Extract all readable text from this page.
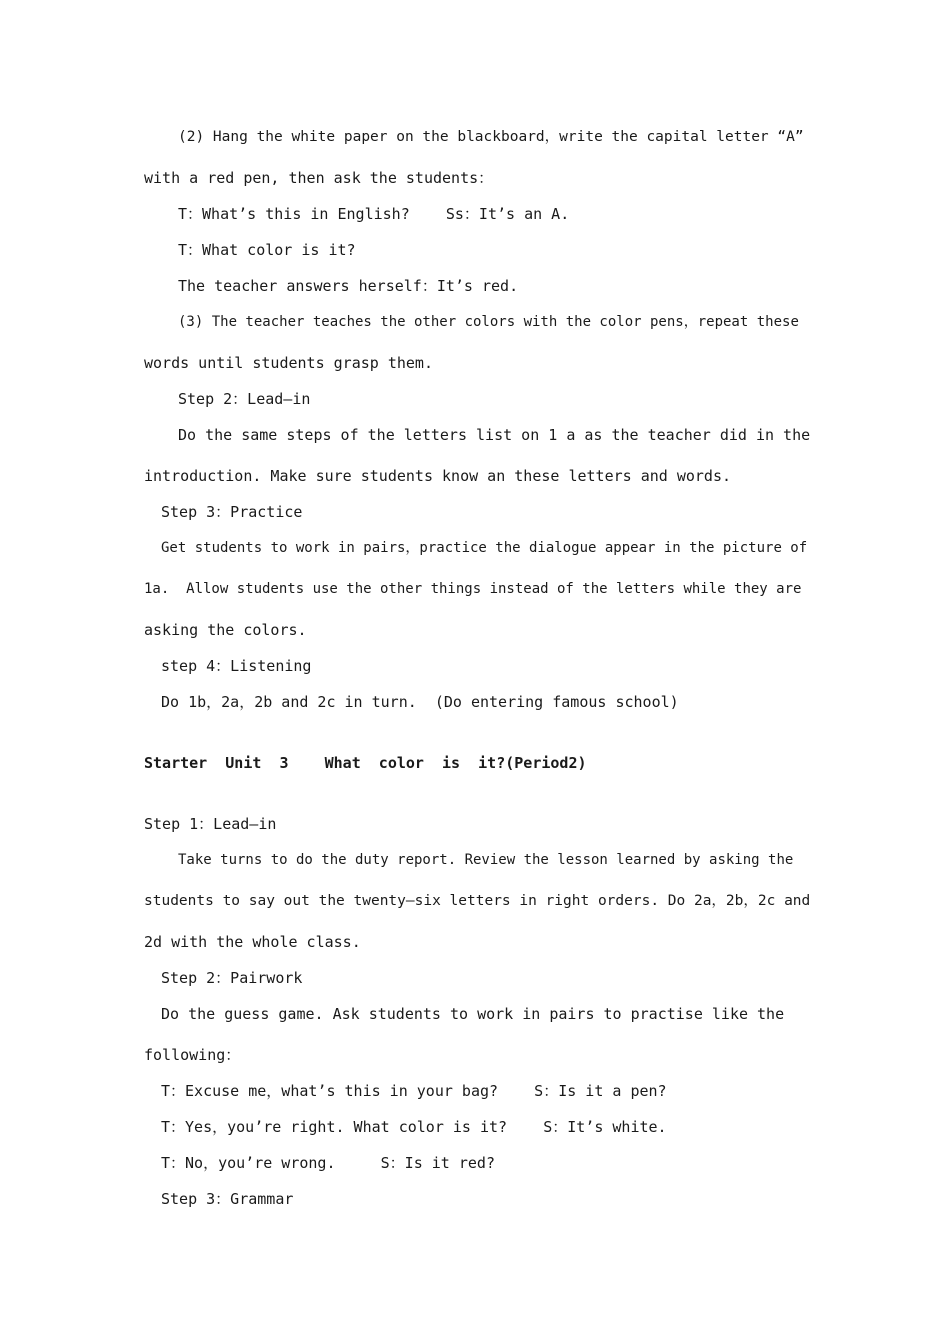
(2) Hang the white paper on the blackboard，write the capital letter “A”
with a red pen, then ask the students：
T：What’s this in English?    Ss：It’s an A.
T：What color is it?
The teacher answers herself：It’s red.
(3) The teacher teaches the other colors with the color pens，repeat these
words until students grasp them.
Step 2：Lead—in
Do the same steps of the letters list on 1 a as the teacher did in the
introduction. Make sure students know an these letters and words.
Step 3：Practice
Get students to work in pairs，practice the dialogue appear in the picture of
1a.  Allow students use the other things instead of the letters while they are
asking the colors.
step 4：Listening
Do 1b，2a，2b and 2c in turn.  (Do entering famous school)
Starter  Unit  3    What  color  is  it?(Period2)
Step 1：Lead—in
Take turns to do the duty report. Review the lesson learned by asking the
students to say out the twenty—six letters in right orders. Do 2a，2b，2c and
2d with the whole class.
Step 2：Pairwork
Do the guess game. Ask students to work in pairs to practise like the
following：
T：Excuse me，what’s this in your bag?    S：Is it a pen?
T：Yes，you’re right. What color is it?    S：It’s white.
T：No，you’re wrong.     S：Is it red?
Step 3：Grammar
